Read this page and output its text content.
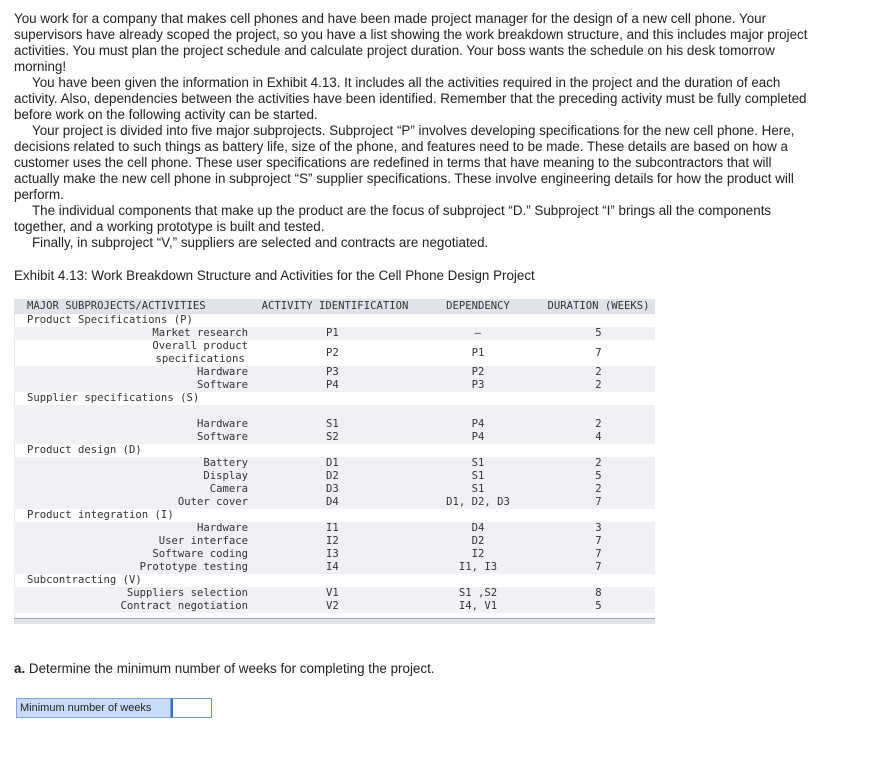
You work for a company that makes cell phones and have been made project manager for the design of a new cell phone. Your supervisors have already scoped the project, so you have a list showing the work breakdown structure, and this includes major project activities. You must plan the project schedule and calculate project duration. Your boss wants the schedule on his desk tomorrow morning!

You have been given the information in Exhibit 4.13. It includes all the activities required in the project and the duration of each activity. Also, dependencies between the activities have been identified. Remember that the preceding activity must be fully completed before work on the following activity can be started.

Your project is divided into five major subprojects. Subproject “P” involves developing specifications for the new cell phone. Here, decisions related to such things as battery life, size of the phone, and features need to be made. These details are based on how a customer uses the cell phone. These user specifications are redefined in terms that have meaning to the subcontractors that will actually make the new cell phone in subproject “S” supplier specifications. These involve engineering details for how the product will perform.

The individual components that make up the product are the focus of subproject “D.” Subproject “I” brings all the components together, and a working prototype is built and tested.

Finally, in subproject “V,” suppliers are selected and contracts are negotiated.

Exhibit 4.13: Work Breakdown Structure and Activities for the Cell Phone Design Project
MAJOR SUBPROJECTS/ACTIVITIES	ACTIVITY IDENTIFICATION	DEPENDENCY	DURATION (WEEKS)
Product Specifications (P)			
Market research	P1	–	5
Overall product
specifications	P2	P1	7
Hardware	P3	P2	2
Software	P4	P3	2
Supplier specifications (S)			

Hardware	S1	P4	2
Software	S2	P4	4
Product design (D)			
Battery	D1	S1	2
Display	D2	S1	5
Camera	D3	S1	2
Outer cover	D4	D1, D2, D3	7
Product integration (I)			
Hardware	I1	D4	3
User interface	I2	D2	7
Software coding	I3	I2	7
Prototype testing	I4	I1, I3	7
Subcontracting (V)			
Suppliers selection	V1	S1 ,S2	8
Contract negotiation	V2	I4, V1	5
a. Determine the minimum number of weeks for completing the project.
Minimum number of weeks
